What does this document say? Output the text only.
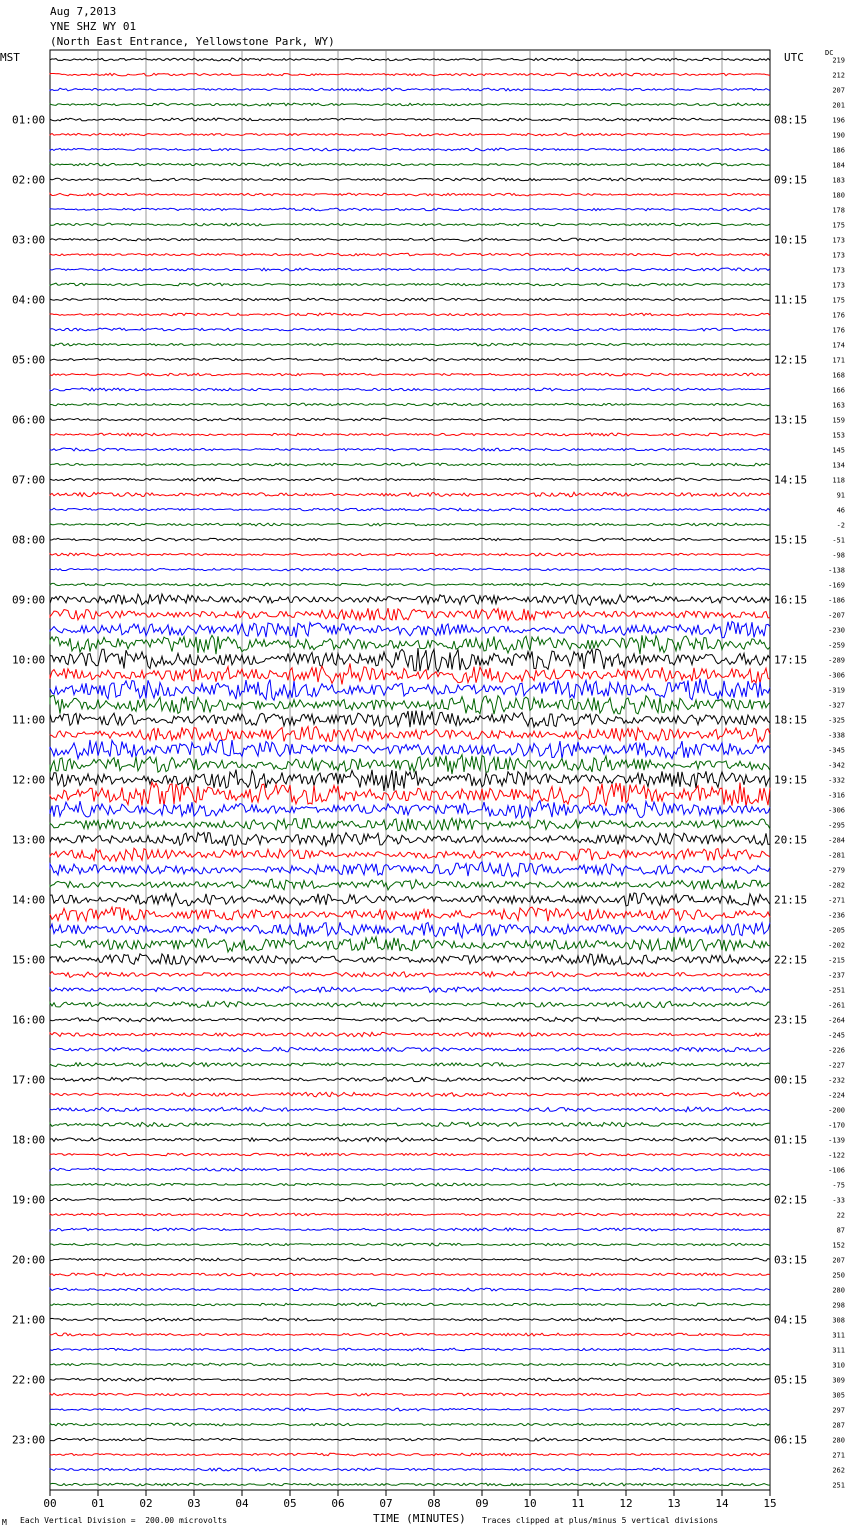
00	01	02	03	04	05	06	07	08	09	10	11	12	13	14	15
219
212
207
201
01:00	08:15	196
190
186
184
02:00	09:15	183
180
178
175
03:00	10:15	173
173
173
173
04:00	11:15	175
176
176
174
05:00	12:15	171
168
166
163
06:00	13:15	159
153
145
134
07:00	14:15	118
91
46
-2
08:00	15:15	-51
-98
-138
-169
09:00	16:15	-186
-207
-230
-259
10:00	17:15	-289
-306
-319
-327
11:00	18:15	-325
-338
-345
-342
12:00	19:15	-332
-316
-306
-295
13:00	20:15	-284
-281
-279
-282
14:00	21:15	-271
-236
-205
-202
15:00	22:15	-215
-237
-251
-261
16:00	23:15	-264
-245
-226
-227
17:00	00:15	-232
-224
-200
-170
18:00	01:15	-139
-122
-106
-75
19:00	02:15	-33
22
87
152
20:00	03:15	207
250
280
298
21:00	04:15	308
311
311
310
22:00	05:15	309
305
297
287
23:00	06:15	280
271
262
251
Aug 7,2013
YNE SHZ WY 01
(North East Entrance, Yellowstone Park, WY)
MST	UTC	DC
M Each Vertical Division =  200.00 microvolts	TIME (MINUTES) Traces clipped at plus/minus 5 vertical divisions
